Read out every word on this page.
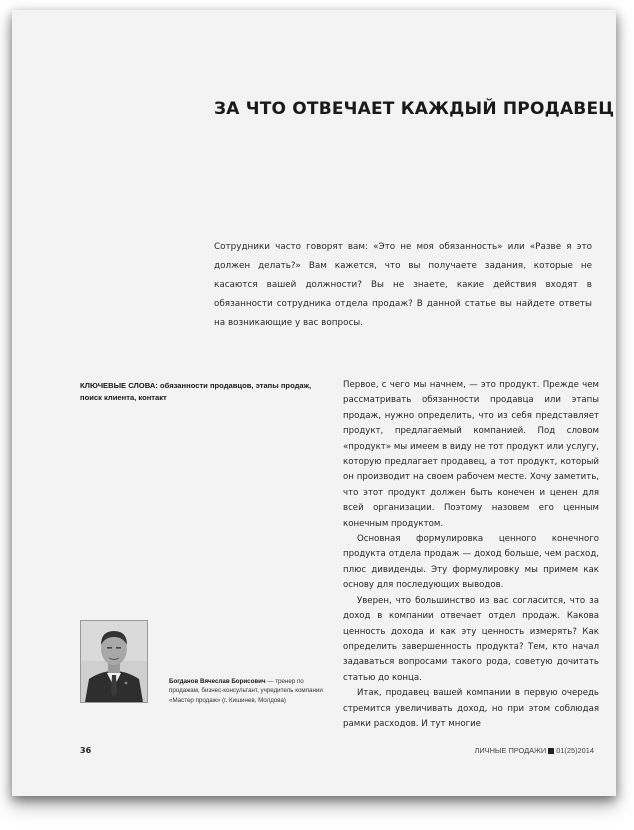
ЗА ЧТО ОТВЕЧАЕТ КАЖДЫЙ ПРОДАВЕЦ

Сотрудники часто говорят вам: «Это не моя обязанность» или «Разве я это должен делать?» Вам кажется, что вы получаете задания, которые не касаются вашей должности? Вы не знаете, какие действия входят в обязанности сотрудника отдела продаж? В данной статье вы найдете ответы на возникающие у вас вопросы.

КЛЮЧЕВЫЕ СЛОВА: обязанности продавцов, этапы продаж, поиск клиента, контакт

Первое, с чего мы начнем, — это продукт. Прежде чем рассматривать обязанности продавца или этапы продаж, нужно определить, что из себя представляет продукт, предлагаемый компанией. Под словом «продукт» мы имеем в виду не тот продукт или услугу, которую предлагает продавец, а тот продукт, который он производит на своем рабочем месте. Хочу заметить, что этот продукт должен быть конечен и ценен для всей организации. Поэтому назовем его ценным конечным продуктом.

Основная формулировка ценного конечного продукта отдела продаж — доход больше, чем расход, плюс дивиденды. Эту формулировку мы примем как основу для последующих выводов.

Уверен, что большинство из вас согласится, что за доход в компании отвечает отдел продаж. Какова ценность дохода и как эту ценность измерять? Как определить завершенность продукта? Тем, кто начал задаваться вопросами такого рода, советую дочитать статью до конца.

Итак, продавец вашей компании в первую очередь стремится увеличивать доход, но при этом соблюдая рамки расходов. И тут многие

Богданов Вячеслав Борисович — тренер по продажам, бизнес-консультант, учредитель компании «Мастер продаж» (г. Кишинев, Молдова)

36	ЛИЧНЫЕ ПРОДАЖИ 01(25)2014
